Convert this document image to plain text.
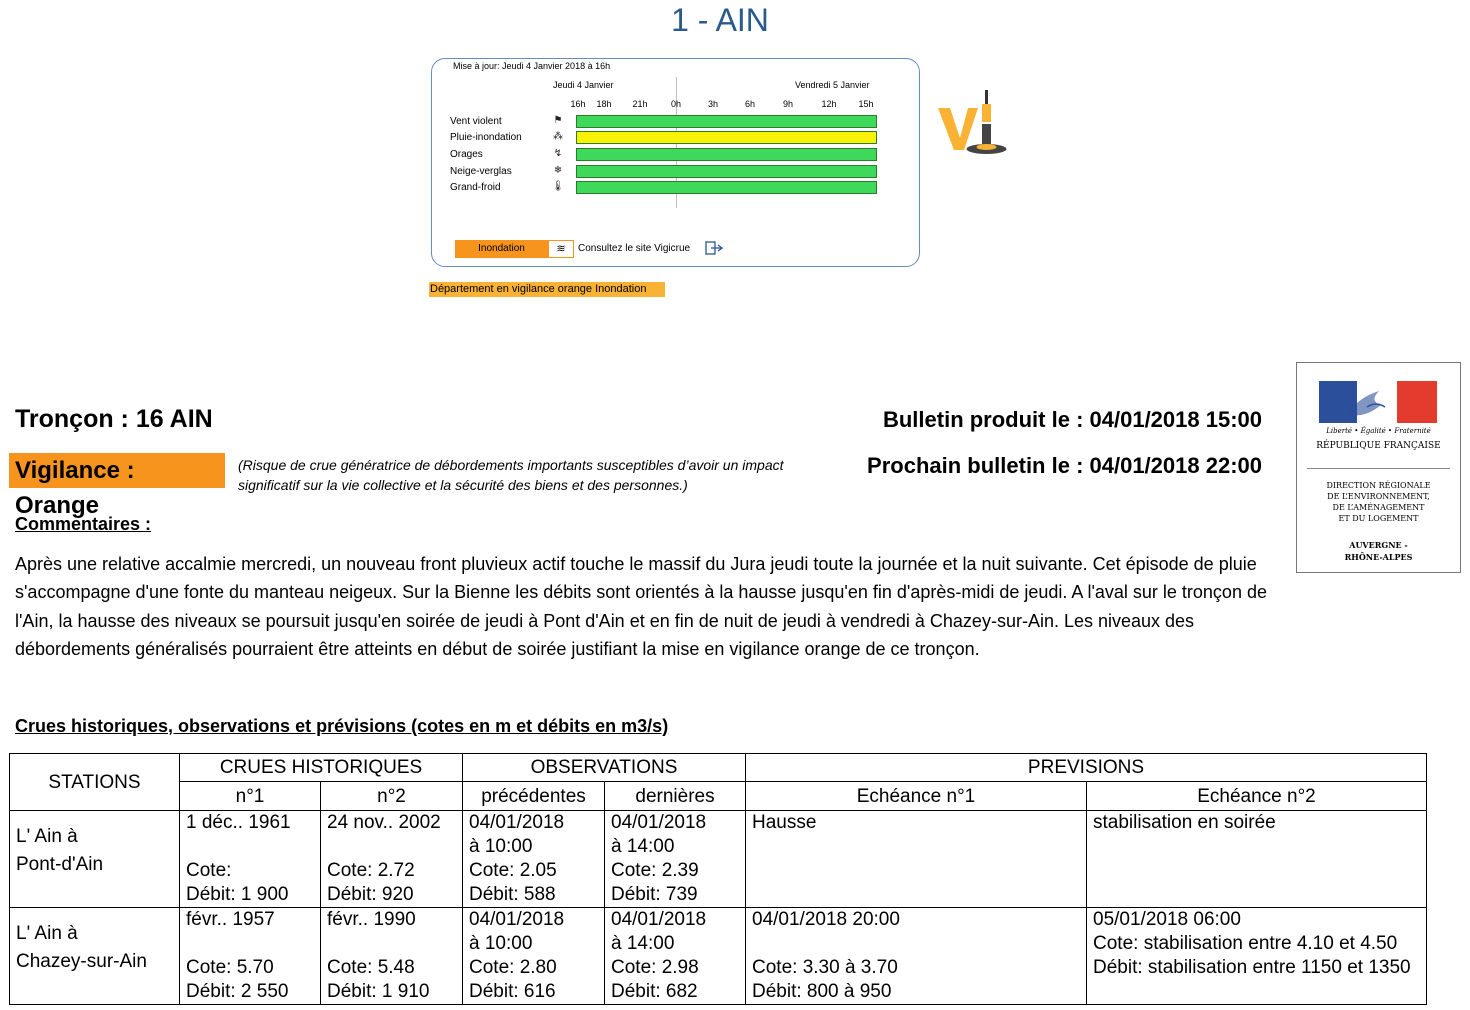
1 - AIN
Mise à jour: Jeudi 4 Janvier 2018 à 16h
Jeudi 4 Janvier	Vendredi 5 Janvier
16h	18h	21h	0h	3h	6h	9h	12h	15h
Vent violent	⚑
Pluie-inondation	⁂
Orages	↯
Neige-verglas	❄
Grand-froid	🌡
Inondation	≋	Consultez le site Vigicrue
Département en vigilance orange Inondation
Liberté • Égalité • Fraternité
RÉPUBLIQUE FRANÇAISE
DIRECTION RÉGIONALE
DE L’ENVIRONNEMENT,
DE L’AMÉNAGEMENT
ET DU LOGEMENT
AUVERGNE -
RHÔNE-ALPES
Tronçon : 16 AIN	Bulletin produit le : 04/01/2018 15:00
Prochain bulletin le : 04/01/2018 22:00
Vigilance : Orange
(Risque de crue génératrice de débordements importants susceptibles d’avoir un impact significatif sur la vie collective et la sécurité des biens et des personnes.)
Commentaires :
Après une relative accalmie mercredi, un nouveau front pluvieux actif touche le massif du Jura jeudi toute la journée et la nuit suivante. Cet épisode de pluie s'accompagne d'une fonte du manteau neigeux. Sur la Bienne les débits sont orientés à la hausse jusqu'en fin d'après-midi de jeudi. A l'aval sur le tronçon de l'Ain, la hausse des niveaux se poursuit jusqu'en soirée de jeudi à Pont d'Ain et en fin de nuit de jeudi à vendredi à Chazey-sur-Ain. Les niveaux des débordements généralisés pourraient être atteints en début de soirée justifiant la mise en vigilance orange de ce tronçon.
Crues historiques, observations et prévisions (cotes en m et débits en m3/s)
STATIONS	CRUES HISTORIQUES		OBSERVATIONS		PREVISIONS	
	n°1	n°2	précédentes	dernières	Echéance n°1	Echéance n°2

L' Ain à
Pont-d'Ain	1 déc.. 1961
Cote:
Débit: 1 900	24 nov.. 2002
Cote: 2.72
Débit: 920	04/01/2018
à 10:00
Cote: 2.05
Débit: 588	04/01/2018
à 14:00
Cote: 2.39
Débit: 739	Hausse	stabilisation en soirée

L' Ain à
Chazey-sur-Ain	févr.. 1957
Cote: 5.70
Débit: 2 550	févr.. 1990
Cote: 5.48
Débit: 1 910	04/01/2018
à 10:00
Cote: 2.80
Débit: 616	04/01/2018
à 14:00
Cote: 2.98
Débit: 682	04/01/2018 20:00
Cote: 3.30 à 3.70
Débit: 800 à 950	05/01/2018 06:00
Cote: stabilisation entre 4.10 et 4.50
Débit: stabilisation entre 1150 et 1350
